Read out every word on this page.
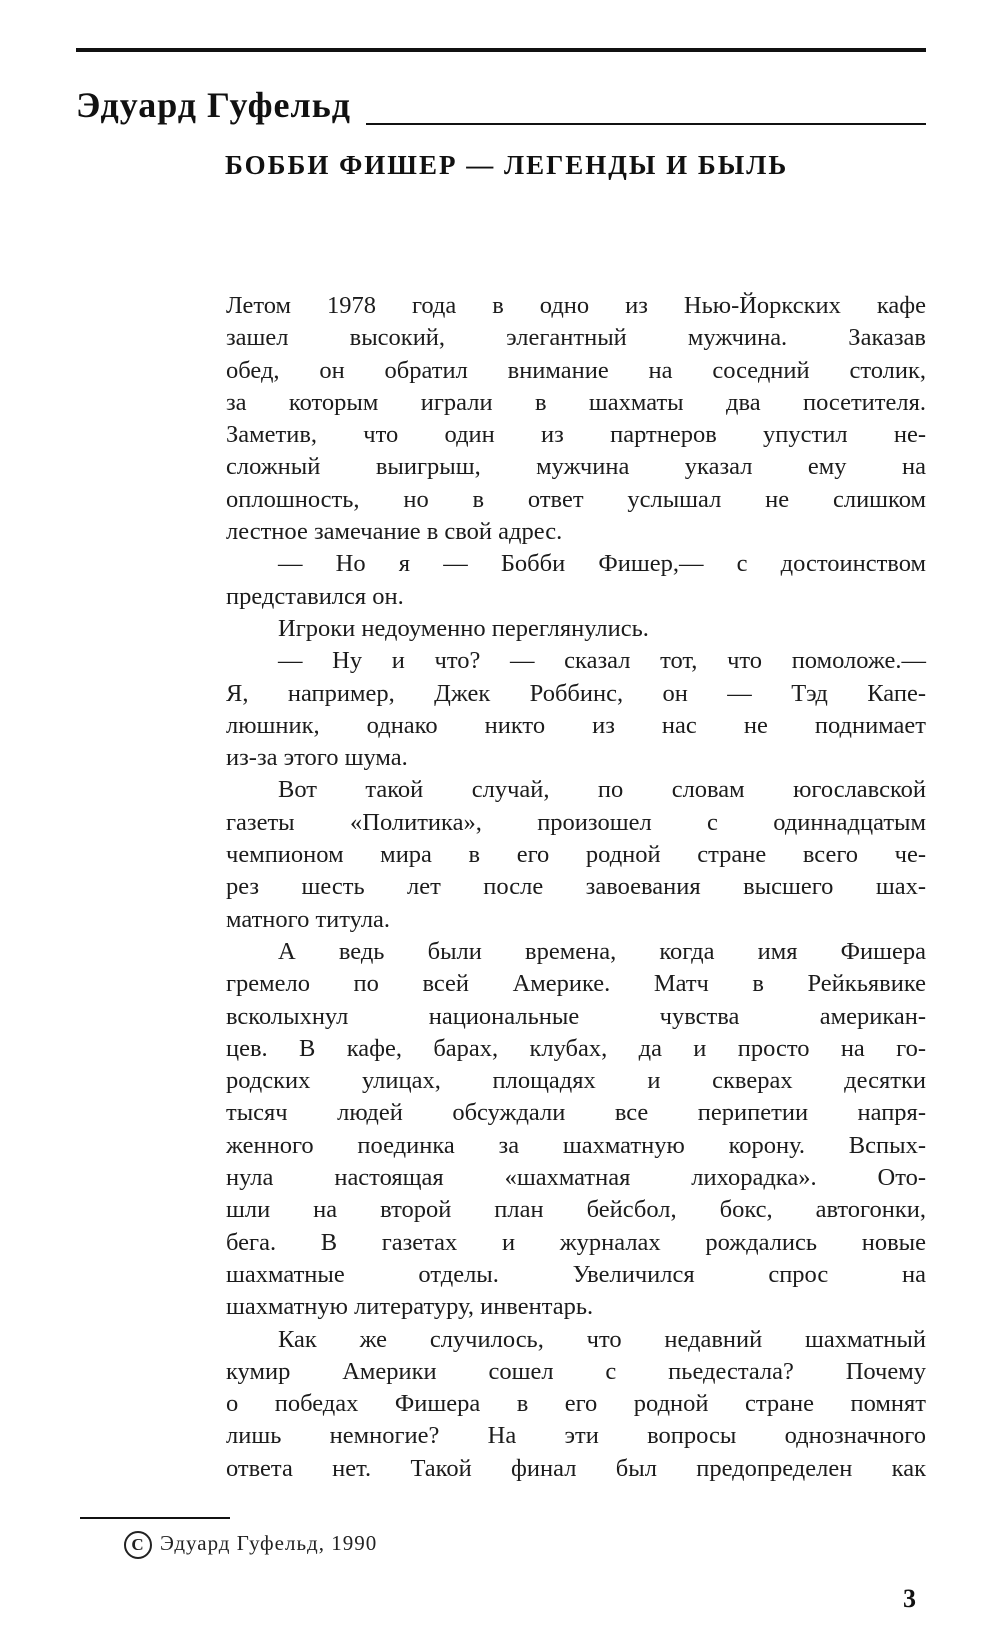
Эдуард Гуфельд
БОББИ ФИШЕР — ЛЕГЕНДЫ И БЫЛЬ

Летом 1978 года в одно из Нью-Йоркских кафе
зашел высокий, элегантный мужчина. Заказав
обед, он обратил внимание на соседний столик,
за которым играли в шахматы два посетителя.
Заметив, что один из партнеров упустил не-
сложный выигрыш, мужчина указал ему на
оплошность, но в ответ услышал не слишком
лестное замечание в свой адрес.

— Но я — Бобби Фишер,— с достоинством
представился он.

Игроки недоуменно переглянулись.

— Ну и что? — сказал тот, что помоложе.—
Я, например, Джек Роббинс, он — Тэд Капе-
люшник, однако никто из нас не поднимает
из-за этого шума.

Вот такой случай, по словам югославской
газеты «Политика», произошел с одиннадцатым
чемпионом мира в его родной стране всего че-
рез шесть лет после завоевания высшего шах-
матного титула.

А ведь были времена, когда имя Фишера
гремело по всей Америке. Матч в Рейкьявике
всколыхнул национальные чувства американ-
цев. В кафе, барах, клубах, да и просто на го-
родских улицах, площадях и скверах десятки
тысяч людей обсуждали все перипетии напря-
женного поединка за шахматную корону. Вспых-
нула настоящая «шахматная лихорадка». Ото-
шли на второй план бейсбол, бокс, автогонки,
бега. В газетах и журналах рождались новые
шахматные отделы. Увеличился спрос на
шахматную литературу, инвентарь.

Как же случилось, что недавний шахматный
кумир Америки сошел с пьедестала? Почему
о победах Фишера в его родной стране помнят
лишь немногие? На эти вопросы однозначного
ответа нет. Такой финал был предопределен как

C Эдуард Гуфельд, 1990
3
